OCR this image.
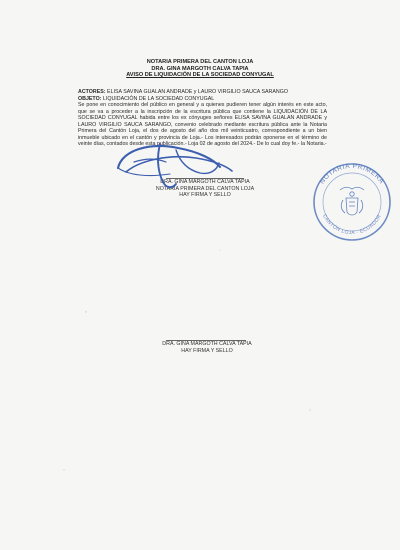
NOTARIA PRIMERA DEL CANTON LOJA
DRA. GINA MARGOTH CALVA TAPIA
AVISO DE LIQUIDACIÓN DE LA SOCIEDAD CONYUGAL

ACTORES: ELISA SAVINA GUALAN ANDRADE y LAURO VIRGILIO SAUCA SARANGO

OBJETO: LIQUIDACIÓN DE LA SOCIEDAD CONYUGAL

Se pone en conocimiento del público en general y a quienes pudieren tener algún interés en este acto, que se va a proceder a la inscripción de la escritura pública que contiene la LIQUIDACIÓN DE LA SOCIEDAD CONYUGAL habida entre los ex cónyuges señores ELISA SAVINA GUALAN ANDRADE y LAURO VIRGILIO SAUCA SARANGO, convenio celebrado mediante escritura pública ante la Notaria Primera del Cantón Loja, el dos de agosto del año dos mil veinticuatro, correspondiente a un bien inmueble ubicado en el cantón y provincia de Loja.- Los interesados podrán oponerse en el término de veinte días, contados desde esta publicación.- Loja 02 de agosto del 2024.- De lo cual doy fe.- la Notaria.-

DRA. GINA MARGOTH CALVA TAPIA
NOTARIA PRIMERA DEL CANTON LOJA
HAY FIRMA Y SELLO
DRA. GINA MARGOTH CALVA TAPIA
HAY FIRMA Y SELLO
NOTARIA PRIMERA
CANTÓN LOJA · ECUADOR
